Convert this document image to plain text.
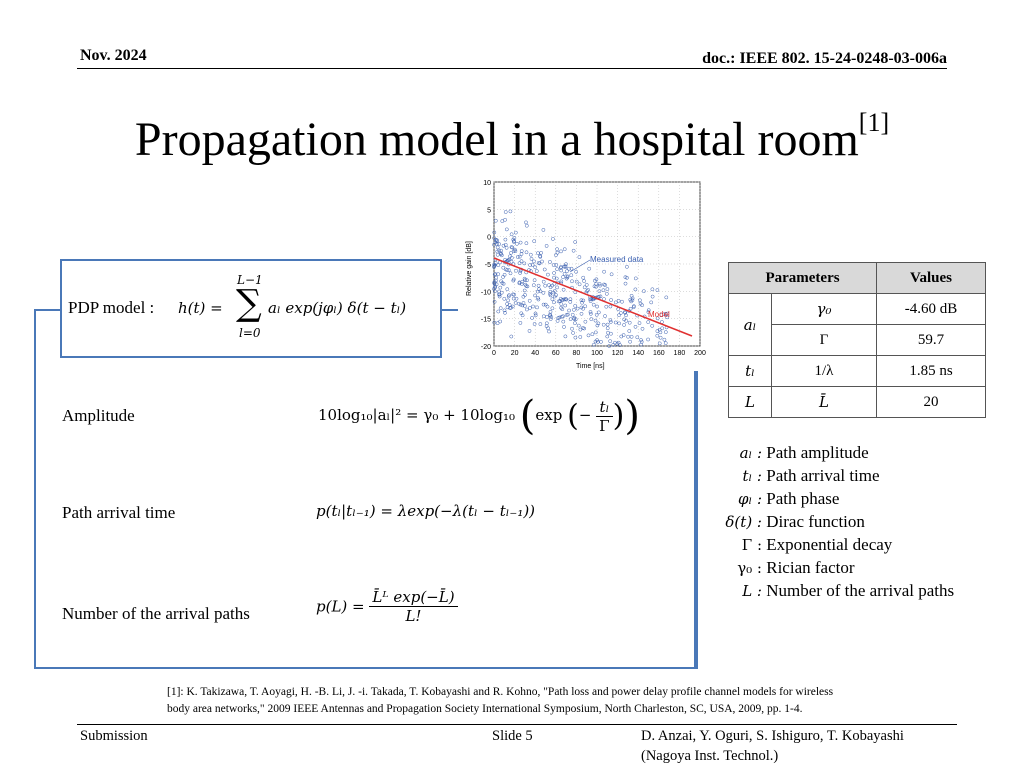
Nov. 2024	doc.: IEEE 802. 15-24-0248-03-006a
Propagation model in a hospital room[1]
PDP model : h(t) =
L−1
∑
l=0
aₗ exp(jφₗ) δ(t − tₗ)
Measured data
Model
10
5
0
-5
-10
-15
-20
0 20 40 60 80 100 120 140 160 180 200
Relative gain [dB]
Time [ns]
Parameters		Values
aₗ	γ₀	-4.60 dB
	Γ	59.7
tₗ	1/λ	1.85 ns
L	L̄	20
Amplitude	10log₁₀|aₗ|² = γ₀ + 10log₁₀ (exp (− $\frac{\text{tₗ}}{\Gamma}$ ))
Path arrival time	p(tₗ|tₗ₋₁) = λexp(−λ(tₗ − tₗ₋₁))
Number of the arrival paths	$p(L) = \frac{\text{L̄ᴸ exp(−L̄)}}{L!}$
aₗ : Path amplitude
tₗ : Path arrival time
φₗ : Path phase
δ(t) : Dirac function
Γ : Exponential decay
γ₀ : Rician factor
L : Number of the arrival paths
[1]: K. Takizawa, T. Aoyagi, H. -B. Li, J. -i. Takada, T. Kobayashi and R. Kohno, "Path loss and power delay profile channel models for wireless
body area networks," 2009 IEEE Antennas and Propagation Society International Symposium, North Charleston, SC, USA, 2009, pp. 1-4.
Submission	Slide 5	D. Anzai, Y. Oguri, S. Ishiguro, T. Kobayashi
(Nagoya Inst. Technol.)
